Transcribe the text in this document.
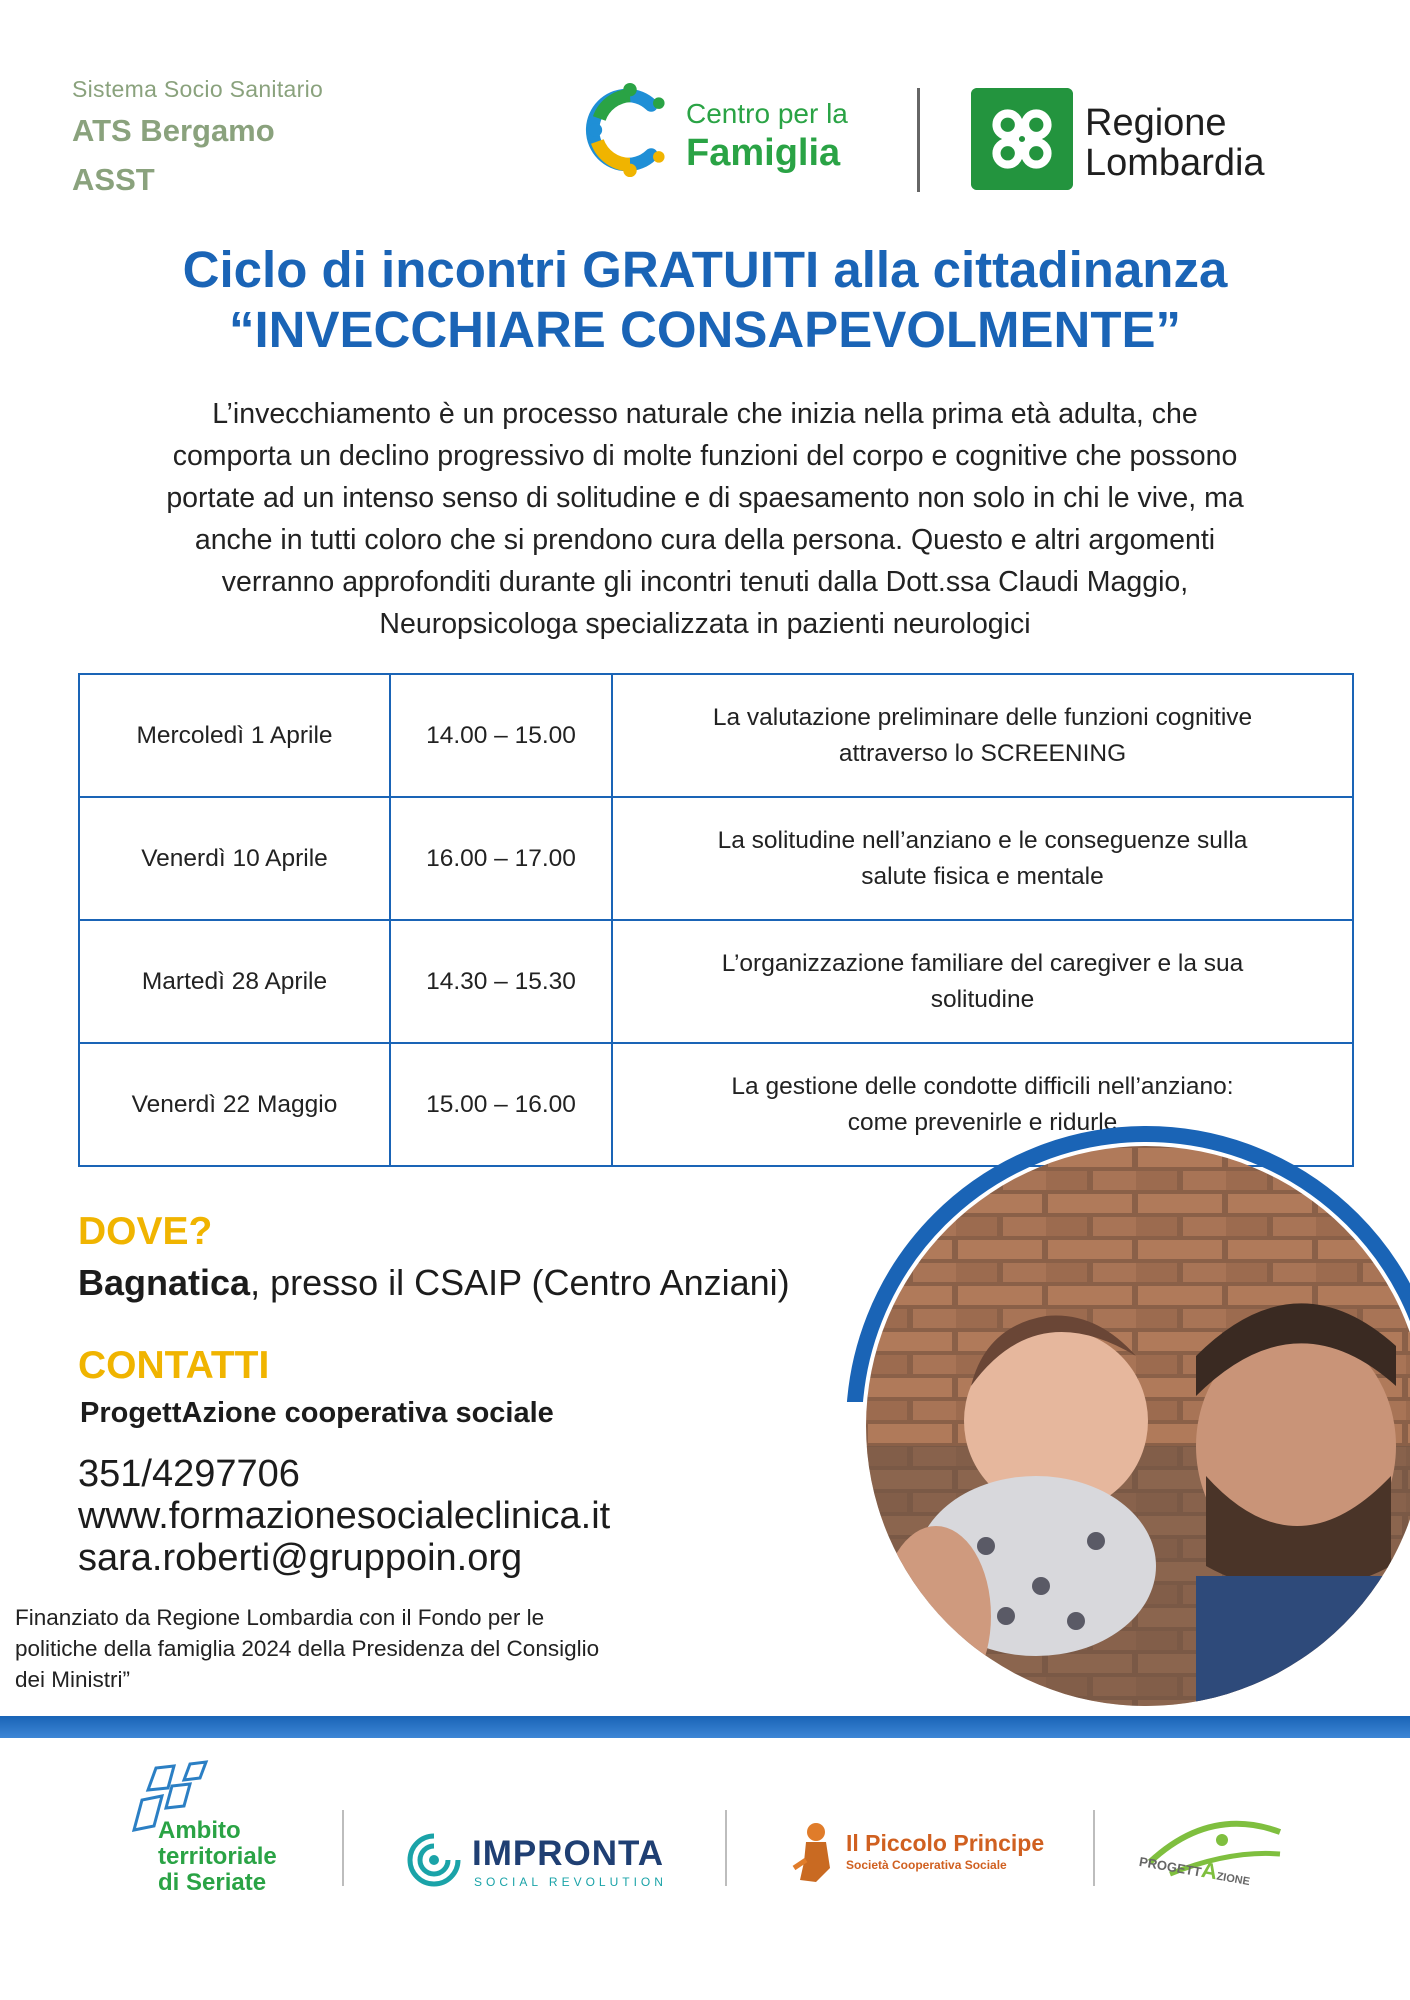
Sistema Socio Sanitario
ATS Bergamo
ASST
Centro per la
Famiglia
Regione
Lombardia
Ciclo di incontri GRATUITI alla cittadinanza
“INVECCHIARE CONSAPEVOLMENTE”
L’invecchiamento è un processo naturale che inizia nella prima età adulta, che
comporta un declino progressivo di molte funzioni del corpo e cognitive che possono
portate ad un intenso senso di solitudine e di spaesamento non solo in chi le vive, ma
anche in tutti coloro che si prendono cura della persona. Questo e altri argomenti
verranno approfonditi durante gli incontri tenuti dalla Dott.ssa Claudi Maggio,
Neuropsicologa specializzata in pazienti neurologici
Mercoledì 1 Aprile	14.00 – 15.00	La valutazione preliminare delle funzioni cognitive
attraverso lo SCREENING

Venerdì 10 Aprile	16.00 – 17.00	La solitudine nell’anziano e le conseguenze sulla
salute fisica e mentale

Martedì 28 Aprile	14.30 – 15.30	L’organizzazione familiare del caregiver e la sua
solitudine

Venerdì 22 Maggio	15.00 – 16.00	La gestione delle condotte difficili nell’anziano:
come prevenirle e ridurle
DOVE?
Bagnatica, presso il CSAIP (Centro Anziani)
CONTATTI
ProgettAzione cooperativa sociale
351/4297706
www.formazionesocialeclinica.it
sara.roberti@gruppoin.org
Finanziato da Regione Lombardia con il Fondo per le
politiche della famiglia 2024 della Presidenza del Consiglio
dei Ministri”
Ambito
territoriale
di Seriate
IMPRONTA
SOCIAL REVOLUTION
Il Piccolo Principe
Società Cooperativa Sociale	PROGETTAZIONE
